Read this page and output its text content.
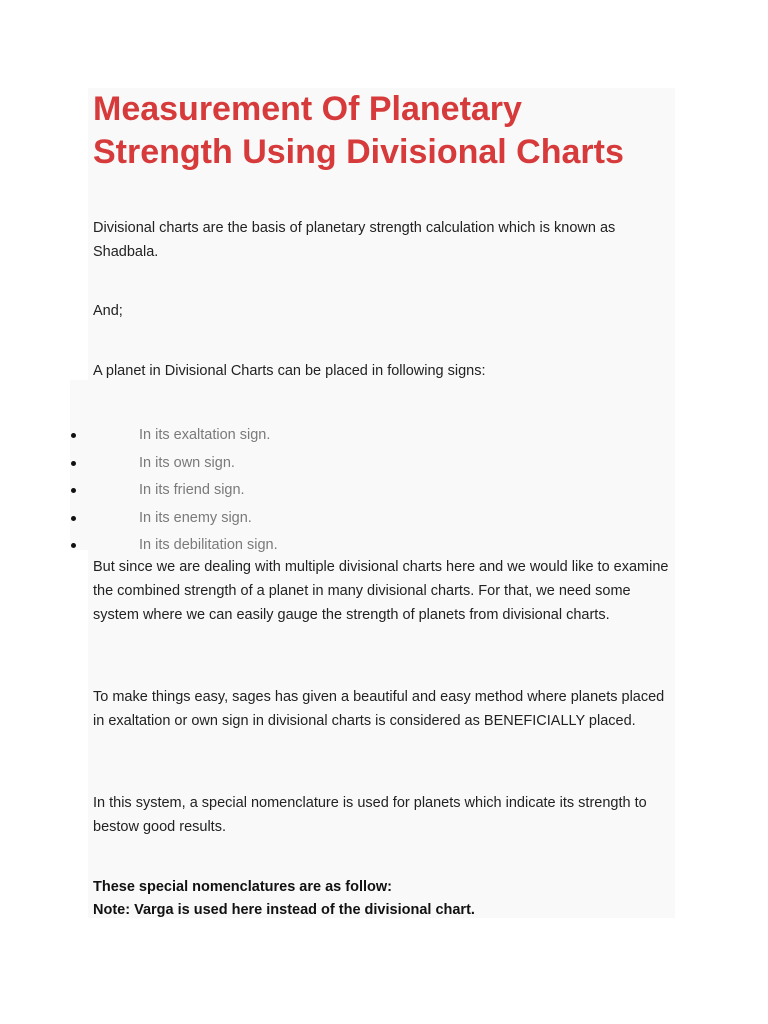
Measurement Of Planetary Strength Using Divisional Charts

Divisional charts are the basis of planetary strength calculation which is known as Shadbala.

And;

A planet in Divisional Charts can be placed in following signs:

In its exaltation sign.
In its own sign.
In its friend sign.
In its enemy sign.
In its debilitation sign.

But since we are dealing with multiple divisional charts here and we would like to examine the combined strength of a planet in many divisional charts. For that, we need some system where we can easily gauge the strength of planets from divisional charts.

To make things easy, sages has given a beautiful and easy method where planets placed in exaltation or own sign in divisional charts is considered as BENEFICIALLY placed.

In this system, a special nomenclature is used for planets which indicate its strength to bestow good results.

These special nomenclatures are as follow:

Note: Varga is used here instead of the divisional chart.
